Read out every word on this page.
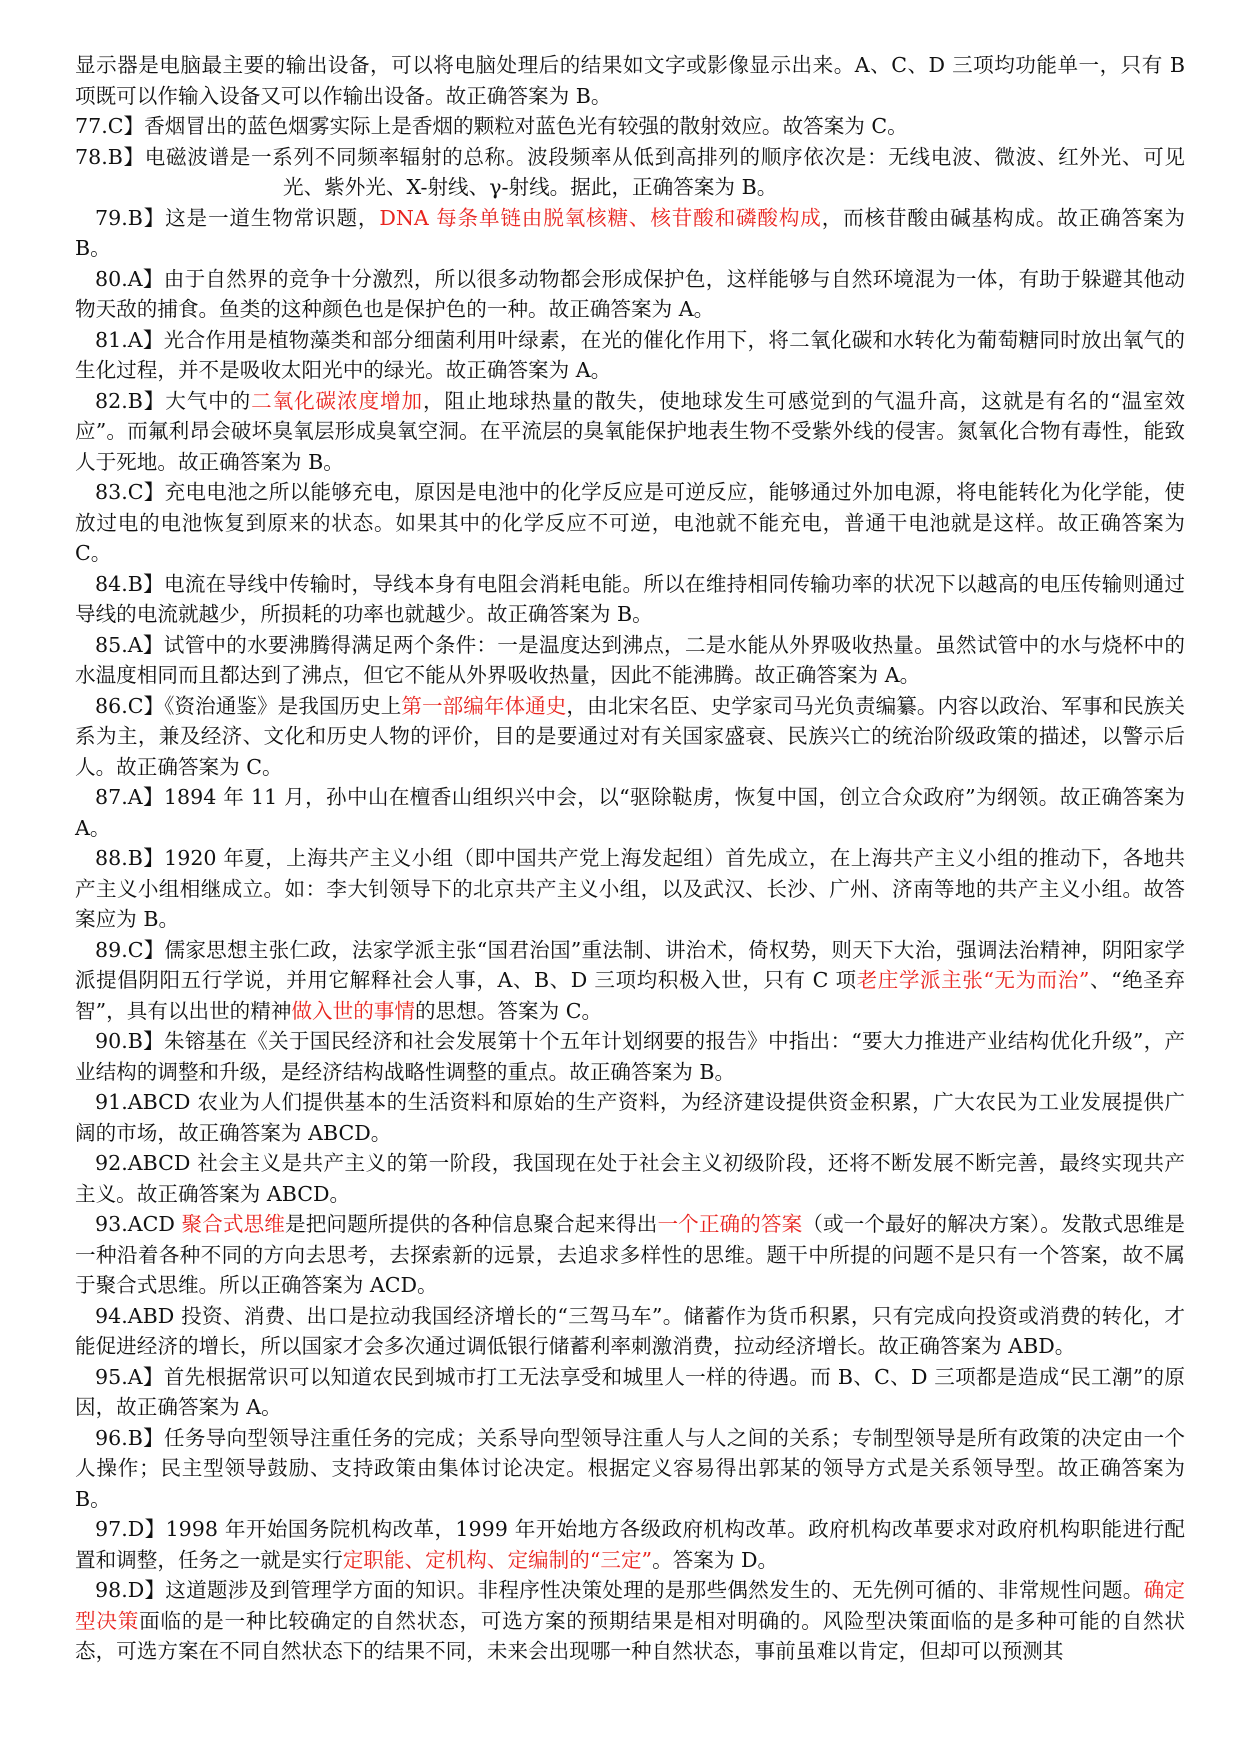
显示器是电脑最主要的输出设备，可以将电脑处理后的结果如文字或影像显示出来。A、C、D 三项均功能单一，只有 B 项既可以作输入设备又可以作输出设备。故正确答案为 B。

77.C】香烟冒出的蓝色烟雾实际上是香烟的颗粒对蓝色光有较强的散射效应。故答案为 C。

78.B】电磁波谱是一系列不同频率辐射的总称。波段频率从低到高排列的顺序依次是：无线电波、微波、红外光、可见光、紫外光、X-射线、γ-射线。据此，正确答案为 B。

79.B】这是一道生物常识题，DNA 每条单链由脱氧核糖、核苷酸和磷酸构成，而核苷酸由碱基构成。故正确答案为 B。

80.A】由于自然界的竞争十分激烈，所以很多动物都会形成保护色，这样能够与自然环境混为一体，有助于躲避其他动物天敌的捕食。鱼类的这种颜色也是保护色的一种。故正确答案为 A。

81.A】光合作用是植物藻类和部分细菌利用叶绿素，在光的催化作用下，将二氧化碳和水转化为葡萄糖同时放出氧气的生化过程，并不是吸收太阳光中的绿光。故正确答案为 A。

82.B】大气中的二氧化碳浓度增加，阻止地球热量的散失，使地球发生可感觉到的气温升高，这就是有名的“温室效应”。而氟利昂会破坏臭氧层形成臭氧空洞。在平流层的臭氧能保护地表生物不受紫外线的侵害。氮氧化合物有毒性，能致人于死地。故正确答案为 B。

83.C】充电电池之所以能够充电，原因是电池中的化学反应是可逆反应，能够通过外加电源，将电能转化为化学能，使放过电的电池恢复到原来的状态。如果其中的化学反应不可逆，电池就不能充电，普通干电池就是这样。故正确答案为 C。

84.B】电流在导线中传输时，导线本身有电阻会消耗电能。所以在维持相同传输功率的状况下以越高的电压传输则通过导线的电流就越少，所损耗的功率也就越少。故正确答案为 B。

85.A】试管中的水要沸腾得满足两个条件：一是温度达到沸点，二是水能从外界吸收热量。虽然试管中的水与烧杯中的水温度相同而且都达到了沸点，但它不能从外界吸收热量，因此不能沸腾。故正确答案为 A。

86.C】《资治通鉴》是我国历史上第一部编年体通史，由北宋名臣、史学家司马光负责编纂。内容以政治、军事和民族关系为主，兼及经济、文化和历史人物的评价，目的是要通过对有关国家盛衰、民族兴亡的统治阶级政策的描述，以警示后人。故正确答案为 C。

87.A】1894 年 11 月，孙中山在檀香山组织兴中会，以“驱除鞑虏，恢复中国，创立合众政府”为纲领。故正确答案为 A。

88.B】1920 年夏，上海共产主义小组（即中国共产党上海发起组）首先成立，在上海共产主义小组的推动下，各地共产主义小组相继成立。如：李大钊领导下的北京共产主义小组，以及武汉、长沙、广州、济南等地的共产主义小组。故答案应为 B。

89.C】儒家思想主张仁政，法家学派主张“国君治国”重法制、讲治术，倚权势，则天下大治，强调法治精神，阴阳家学派提倡阴阳五行学说，并用它解释社会人事，A、B、D 三项均积极入世，只有 C 项老庄学派主张“无为而治”、“绝圣弃智”，具有以出世的精神做入世的事情的思想。答案为 C。

90.B】朱镕基在《关于国民经济和社会发展第十个五年计划纲要的报告》中指出：“要大力推进产业结构优化升级”，产业结构的调整和升级，是经济结构战略性调整的重点。故正确答案为 B。

91.ABCD 农业为人们提供基本的生活资料和原始的生产资料，为经济建设提供资金积累，广大农民为工业发展提供广阔的市场，故正确答案为 ABCD。

92.ABCD 社会主义是共产主义的第一阶段，我国现在处于社会主义初级阶段，还将不断发展不断完善，最终实现共产主义。故正确答案为 ABCD。

93.ACD 聚合式思维是把问题所提供的各种信息聚合起来得出一个正确的答案（或一个最好的解决方案）。发散式思维是一种沿着各种不同的方向去思考，去探索新的远景，去追求多样性的思维。题干中所提的问题不是只有一个答案，故不属于聚合式思维。所以正确答案为 ACD。

94.ABD 投资、消费、出口是拉动我国经济增长的“三驾马车”。储蓄作为货币积累，只有完成向投资或消费的转化，才能促进经济的增长，所以国家才会多次通过调低银行储蓄利率刺激消费，拉动经济增长。故正确答案为 ABD。

95.A】首先根据常识可以知道农民到城市打工无法享受和城里人一样的待遇。而 B、C、D 三项都是造成“民工潮”的原因，故正确答案为 A。

96.B】任务导向型领导注重任务的完成；关系导向型领导注重人与人之间的关系；专制型领导是所有政策的决定由一个人操作；民主型领导鼓励、支持政策由集体讨论决定。根据定义容易得出郭某的领导方式是关系领导型。故正确答案为 B。

97.D】1998 年开始国务院机构改革，1999 年开始地方各级政府机构改革。政府机构改革要求对政府机构职能进行配置和调整，任务之一就是实行定职能、定机构、定编制的“三定”。答案为 D。

98.D】这道题涉及到管理学方面的知识。非程序性决策处理的是那些偶然发生的、无先例可循的、非常规性问题。确定型决策面临的是一种比较确定的自然状态，可选方案的预期结果是相对明确的。风险型决策面临的是多种可能的自然状态，可选方案在不同自然状态下的结果不同，未来会出现哪一种自然状态，事前虽难以肯定，但却可以预测其
